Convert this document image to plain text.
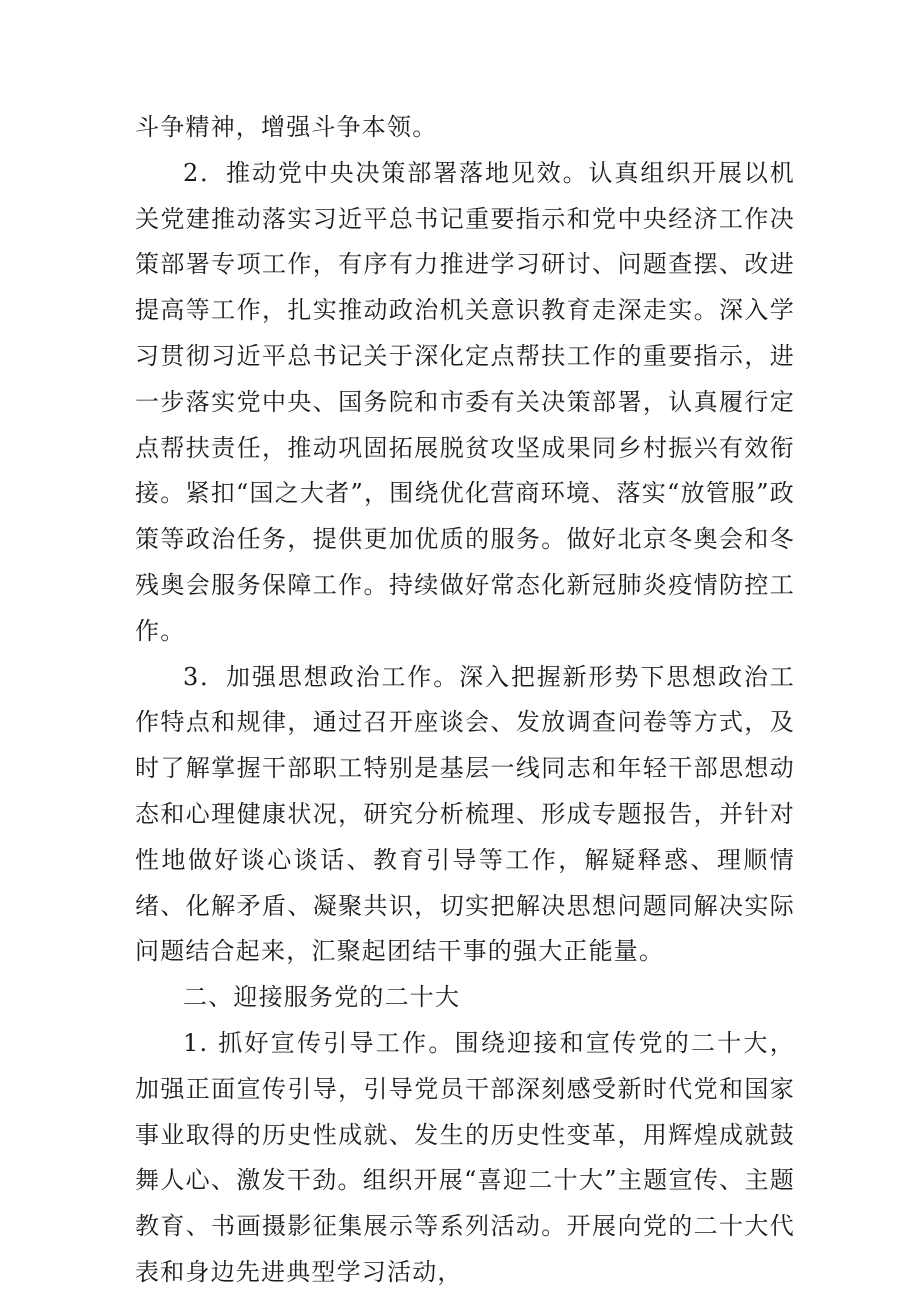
斗争精神，增强斗争本领。

2．推动党中央决策部署落地见效。认真组织开展以机关党建推动落实习近平总书记重要指示和党中央经济工作决策部署专项工作，有序有力推进学习研讨、问题查摆、改进提高等工作，扎实推动政治机关意识教育走深走实。深入学习贯彻习近平总书记关于深化定点帮扶工作的重要指示，进一步落实党中央、国务院和市委有关决策部署，认真履行定点帮扶责任，推动巩固拓展脱贫攻坚成果同乡村振兴有效衔接。紧扣“国之大者”，围绕优化营商环境、落实“放管服”政策等政治任务，提供更加优质的服务。做好北京冬奥会和冬残奥会服务保障工作。持续做好常态化新冠肺炎疫情防控工作。

3．加强思想政治工作。深入把握新形势下思想政治工作特点和规律，通过召开座谈会、发放调查问卷等方式，及时了解掌握干部职工特别是基层一线同志和年轻干部思想动态和心理健康状况，研究分析梳理、形成专题报告，并针对性地做好谈心谈话、教育引导等工作，解疑释惑、理顺情绪、化解矛盾、凝聚共识，切实把解决思想问题同解决实际问题结合起来，汇聚起团结干事的强大正能量。

二、迎接服务党的二十大

1. 抓好宣传引导工作。围绕迎接和宣传党的二十大，加强正面宣传引导，引导党员干部深刻感受新时代党和国家事业取得的历史性成就、发生的历史性变革，用辉煌成就鼓舞人心、激发干劲。组织开展“喜迎二十大”主题宣传、主题教育、书画摄影征集展示等系列活动。开展向党的二十大代表和身边先进典型学习活动，
